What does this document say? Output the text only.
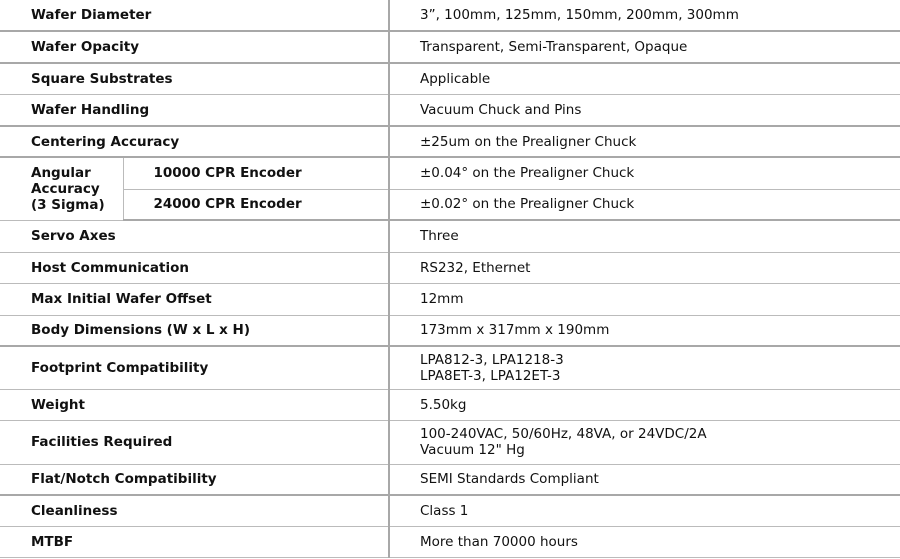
Wafer Diameter		3”, 100mm, 125mm, 150mm, 200mm, 300mm
Wafer Opacity		Transparent, Semi-Transparent, Opaque
Square Substrates		Applicable
Wafer Handling		Vacuum Chuck and Pins
Centering Accuracy		±25um on the Prealigner Chuck

Angular
Accuracy
(3 Sigma)	10000 CPR Encoder	±0.04° on the Prealigner Chuck
	24000 CPR Encoder	±0.02° on the Prealigner Chuck
Servo Axes		Three
Host Communication		RS232, Ethernet
Max Initial Wafer Offset		12mm
Body Dimensions (W x L x H)		173mm x 317mm x 190mm
Footprint Compatibility		LPA812-3, LPA1218-3
LPA8ET-3, LPA12ET-3

Weight		5.50kg
Facilities Required		100-240VAC, 50/60Hz, 48VA, or 24VDC/2A
Vacuum 12" Hg

Flat/Notch Compatibility		SEMI Standards Compliant
Cleanliness		Class 1
MTBF		More than 70000 hours
